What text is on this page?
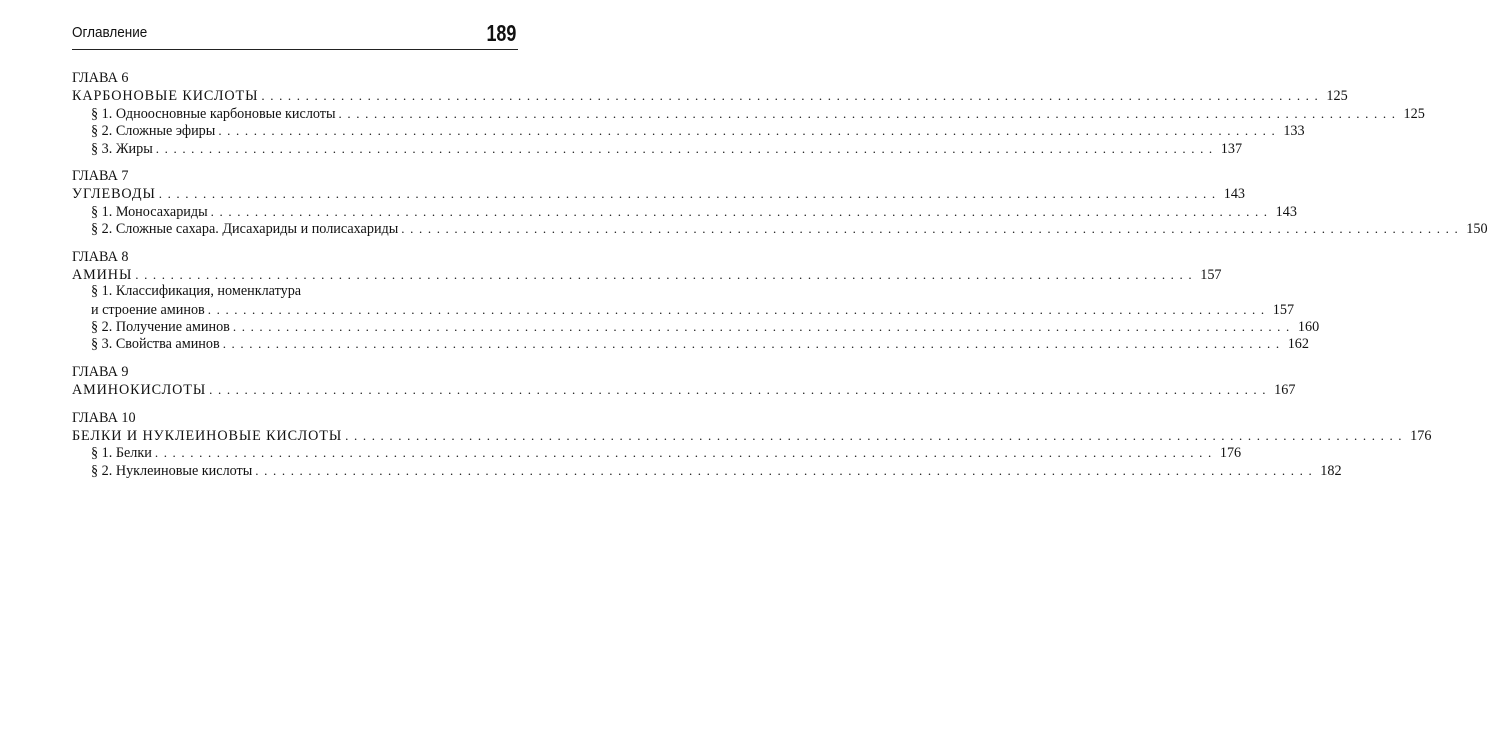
Оглавление	189
ГЛАВА 6
КАРБОНОВЫЕ КИСЛОТЫ ........................................................................................................................ 125
§ 1. Одноосновные карбоновые кислоты ........................................................................................................................ 125
§ 2. Сложные эфиры ........................................................................................................................ 133
§ 3. Жиры ........................................................................................................................ 137
ГЛАВА 7
УГЛЕВОДЫ ........................................................................................................................ 143
§ 1. Моносахариды ........................................................................................................................ 143
§ 2. Сложные сахара. Дисахариды и полисахариды ........................................................................................................................ 150
ГЛАВА 8
АМИНЫ ........................................................................................................................ 157
§ 1. Классификация, номенклатура
и строение аминов ........................................................................................................................ 157
§ 2. Получение аминов ........................................................................................................................ 160
§ 3. Свойства аминов ........................................................................................................................ 162
ГЛАВА 9
АМИНОКИСЛОТЫ ........................................................................................................................ 167
ГЛАВА 10
БЕЛКИ И НУКЛЕИНОВЫЕ КИСЛОТЫ ........................................................................................................................ 176
§ 1. Белки ........................................................................................................................ 176
§ 2. Нуклеиновые кислоты ........................................................................................................................ 182
